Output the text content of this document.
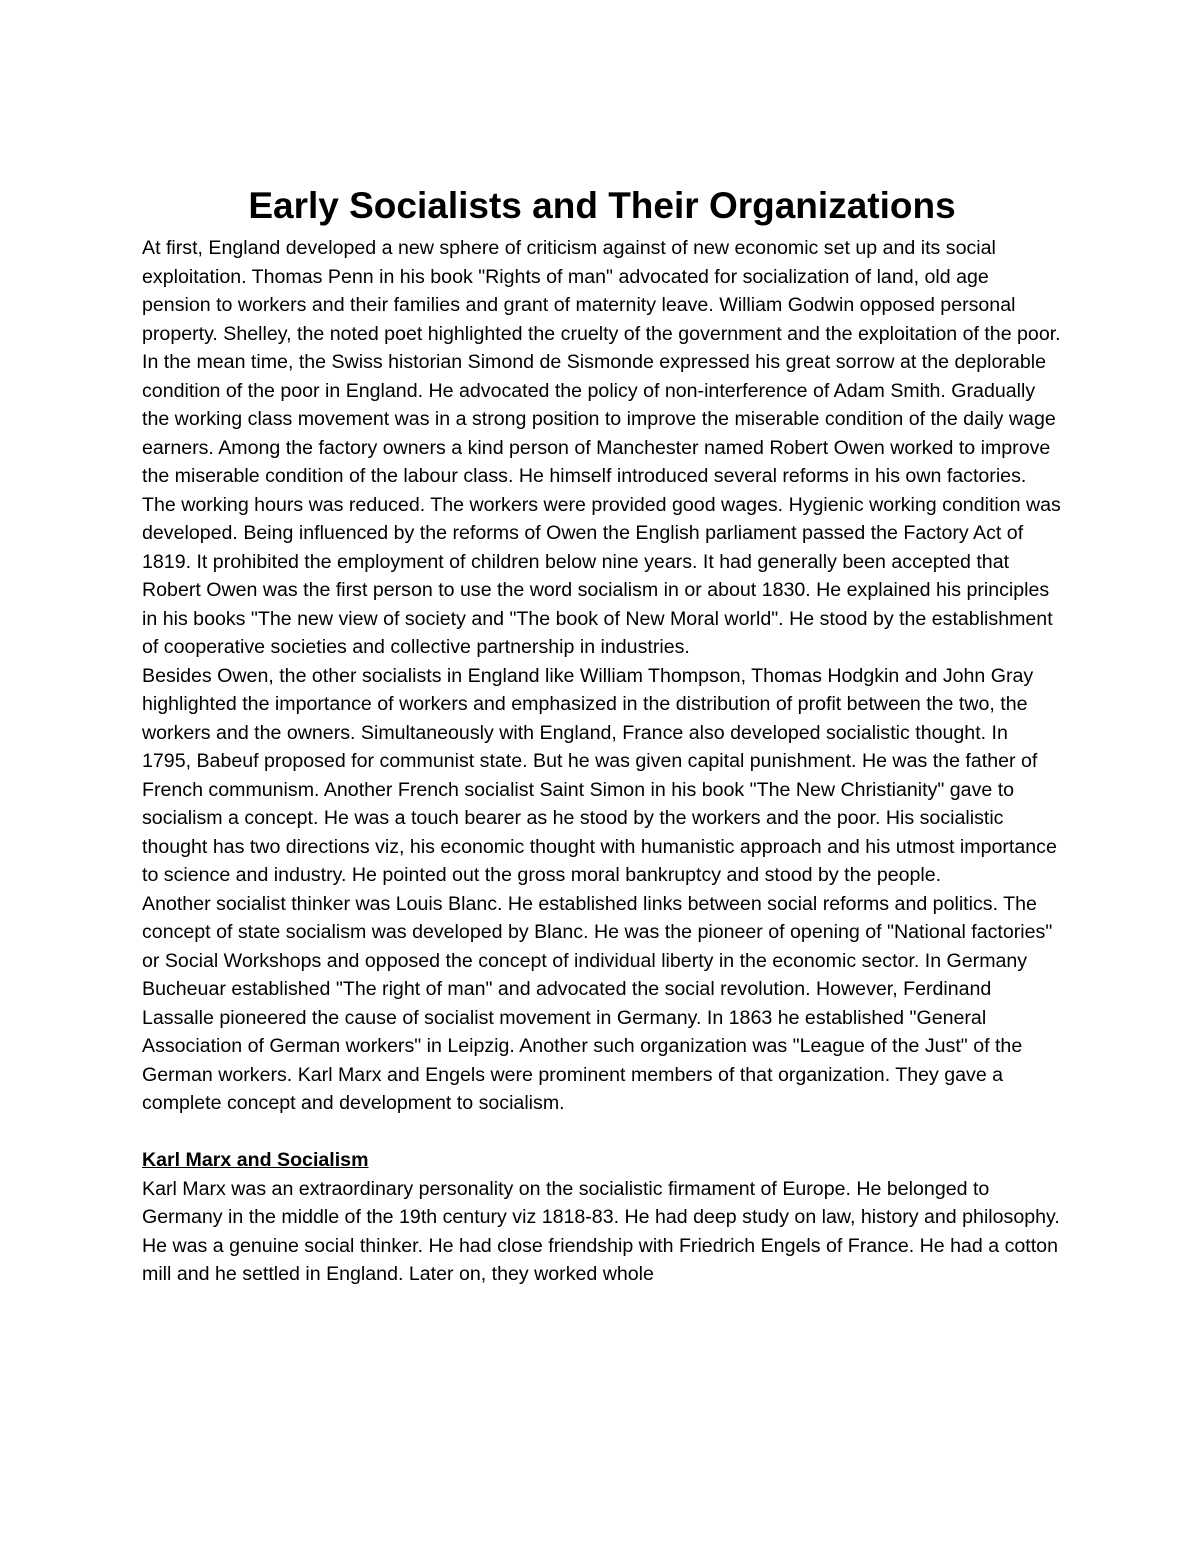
Early Socialists and Their Organizations

At first, England developed a new sphere of criticism against of new economic set up and its social exploitation. Thomas Penn in his book "Rights of man" advocated for socialization of land, old age pension to workers and their families and grant of maternity leave. William Godwin opposed personal property. Shelley, the noted poet highlighted the cruelty of the government and the exploitation of the poor. In the mean time, the Swiss historian Simond de Sismonde expressed his great sorrow at the deplorable condition of the poor in England. He advocated the policy of non-interference of Adam Smith. Gradually the working class movement was in a strong position to improve the miserable condition of the daily wage earners. Among the factory owners a kind person of Manchester named Robert Owen worked to improve the miserable condition of the labour class. He himself introduced several reforms in his own factories. The working hours was reduced. The workers were provided good wages. Hygienic working condition was developed. Being influenced by the reforms of Owen the English parliament passed the Factory Act of 1819. It prohibited the employment of children below nine years. It had generally been accepted that Robert Owen was the first person to use the word socialism in or about 1830. He explained his principles in his books "The new view of society and "The book of New Moral world". He stood by the establishment of cooperative societies and collective partnership in industries.

Besides Owen, the other socialists in England like William Thompson, Thomas Hodgkin and John Gray highlighted the importance of workers and emphasized in the distribution of profit between the two, the workers and the owners. Simultaneously with England, France also developed socialistic thought. In 1795, Babeuf proposed for communist state. But he was given capital punishment. He was the father of French communism. Another French socialist Saint Simon in his book "The New Christianity" gave to socialism a concept. He was a touch bearer as he stood by the workers and the poor. His socialistic thought has two directions viz, his economic thought with humanistic approach and his utmost importance to science and industry. He pointed out the gross moral bankruptcy and stood by the people.

Another socialist thinker was Louis Blanc. He established links between social reforms and politics. The concept of state socialism was developed by Blanc. He was the pioneer of opening of "National factories" or Social Workshops and opposed the concept of individual liberty in the economic sector. In Germany Bucheuar established "The right of man" and advocated the social revolution. However, Ferdinand Lassalle pioneered the cause of socialist movement in Germany. In 1863 he established "General Association of German workers" in Leipzig. Another such organization was "League of the Just" of the German workers. Karl Marx and Engels were prominent members of that organization. They gave a complete concept and development to socialism.

Karl Marx and Socialism

Karl Marx was an extraordinary personality on the socialistic firmament of Europe. He belonged to Germany in the middle of the 19th century viz 1818-83. He had deep study on law, history and philosophy. He was a genuine social thinker. He had close friendship with Friedrich Engels of France. He had a cotton mill and he settled in England. Later on, they worked whole
